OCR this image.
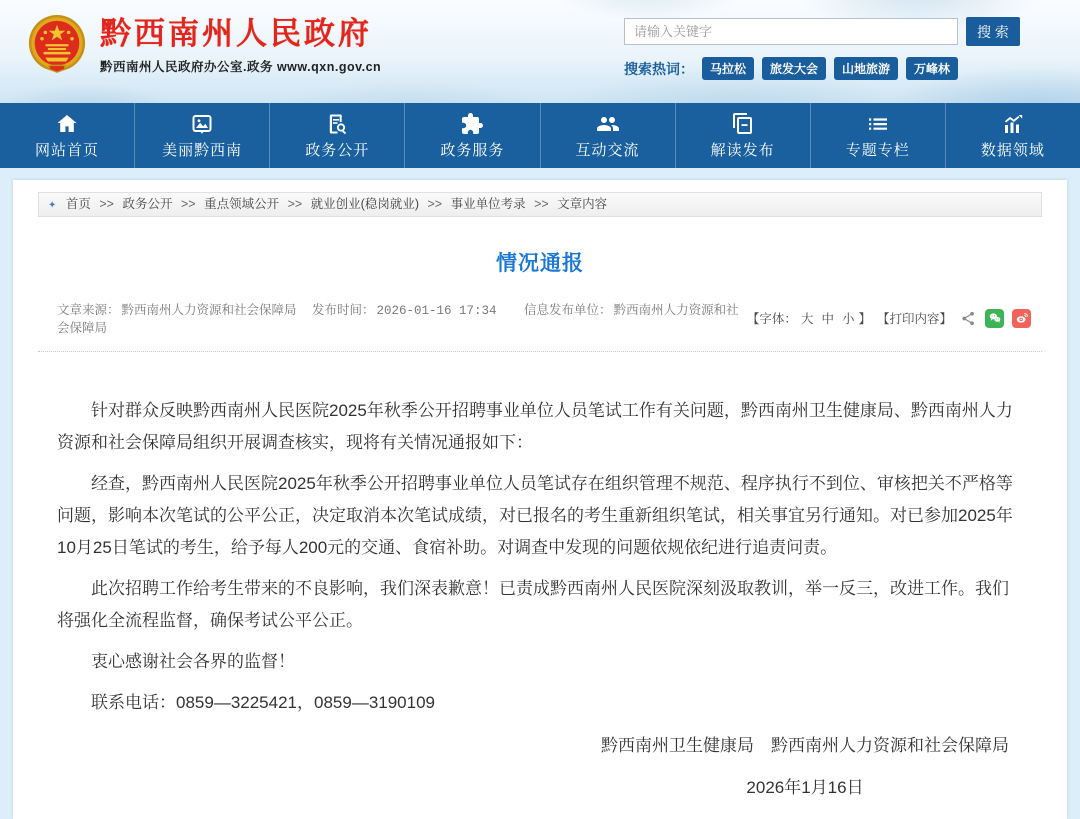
黔西南州人民政府
黔西南州人民政府办公室.政务 www.qxn.gov.cn
请输入关键字
搜 索
搜索热词：	马拉松	旅发大会	山地旅游	万峰林
网站首页	美丽黔西南	政务公开	政务服务	互动交流	解读发布	专题专栏	数据领域
✦ 首页 >> 政务公开 >> 重点领域公开 >> 就业创业(稳岗就业) >> 事业单位考录 >> 文章内容
情况通报
文章来源： 黔西南州人力资源和社会保障局 发布时间： 2026-01-16 17:34 信息发布单位： 黔西南州人力资源和社会保障局
【字体： 大 中 小 】 【打印内容】

针对群众反映黔西南州人民医院2025年秋季公开招聘事业单位人员笔试工作有关问题，黔西南州卫生健康局、黔西南州人力资源和社会保障局组织开展调查核实，现将有关情况通报如下：

经查，黔西南州人民医院2025年秋季公开招聘事业单位人员笔试存在组织管理不规范、程序执行不到位、审核把关不严格等问题，影响本次笔试的公平公正，决定取消本次笔试成绩，对已报名的考生重新组织笔试，相关事宜另行通知。对已参加2025年10月25日笔试的考生，给予每人200元的交通、食宿补助。对调查中发现的问题依规依纪进行追责问责。

此次招聘工作给考生带来的不良影响，我们深表歉意！已责成黔西南州人民医院深刻汲取教训，举一反三，改进工作。我们将强化全流程监督，确保考试公平公正。

衷心感谢社会各界的监督！

联系电话：0859—3225421，0859—3190109

黔西南州卫生健康局　黔西南州人力资源和社会保障局
2026年1月16日
